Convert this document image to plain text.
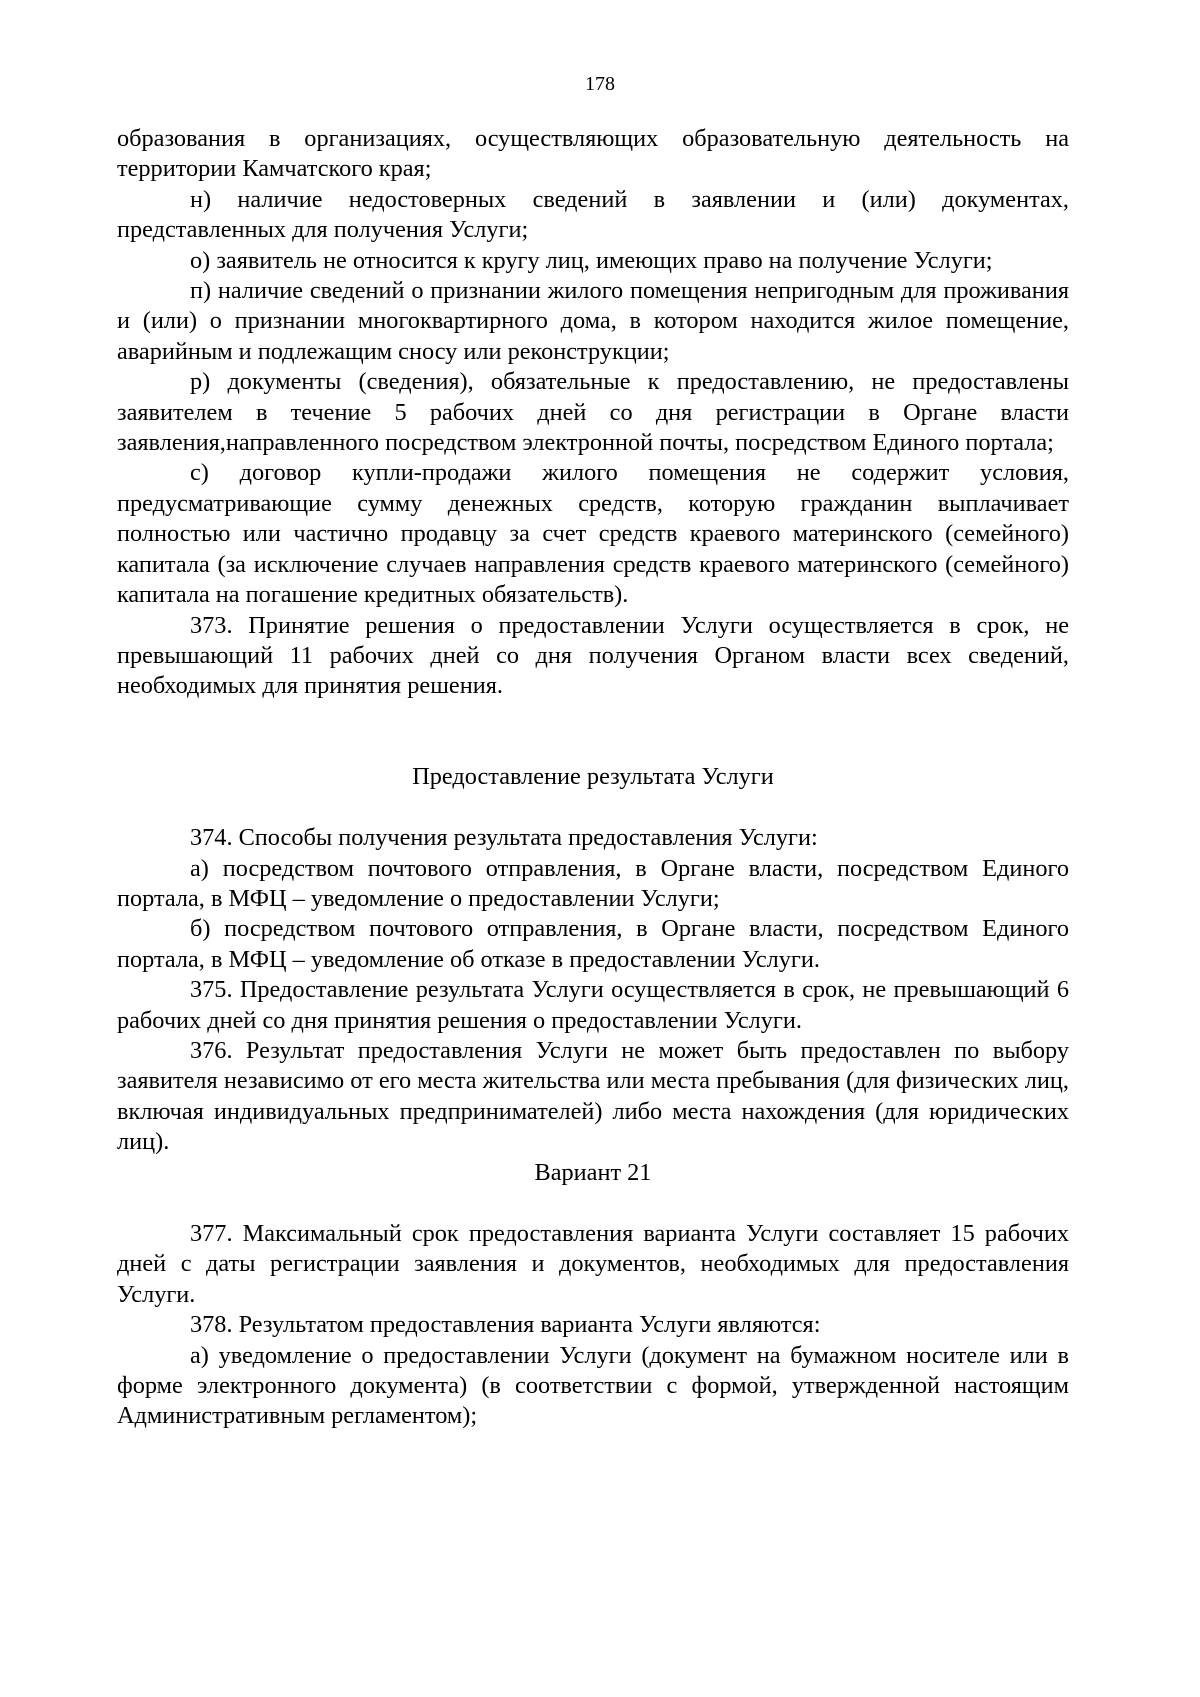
178

образования в организациях, осуществляющих образовательную деятельность на территории Камчатского края;

н) наличие недостоверных сведений в заявлении и (или) документах, представленных для получения Услуги;

о) заявитель не относится к кругу лиц, имеющих право на получение Услуги;

п) наличие сведений о признании жилого помещения непригодным для проживания и (или) о признании многоквартирного дома, в котором находится жилое помещение, аварийным и подлежащим сносу или реконструкции;

р) документы (сведения), обязательные к предоставлению, не предоставлены заявителем в течение 5 рабочих дней со дня регистрации в Органе власти заявления,направленного посредством электронной почты, посредством Единого портала;

с) договор купли-продажи жилого помещения не содержит условия, предусматривающие сумму денежных средств, которую гражданин выплачивает полностью или частично продавцу за счет средств краевого материнского (семейного) капитала (за исключение случаев направления средств краевого материнского (семейного) капитала на погашение кредитных обязательств).

373. Принятие решения о предоставлении Услуги осуществляется в срок, не превышающий 11 рабочих дней со дня получения Органом власти всех сведений, необходимых для принятия решения.

Предоставление результата Услуги

374. Способы получения результата предоставления Услуги:

а) посредством почтового отправления, в Органе власти, посредством Единого портала, в МФЦ – уведомление о предоставлении Услуги;

б) посредством почтового отправления, в Органе власти, посредством Единого портала, в МФЦ – уведомление об отказе в предоставлении Услуги.

375. Предоставление результата Услуги осуществляется в срок, не превышающий 6 рабочих дней со дня принятия решения о предоставлении Услуги.

376. Результат предоставления Услуги не может быть предоставлен по выбору заявителя независимо от его места жительства или места пребывания (для физических лиц, включая индивидуальных предпринимателей) либо места нахождения (для юридических лиц).

Вариант 21

377. Максимальный срок предоставления варианта Услуги составляет 15 рабочих дней с даты регистрации заявления и документов, необходимых для предоставления Услуги.

378. Результатом предоставления варианта Услуги являются:

а) уведомление о предоставлении Услуги (документ на бумажном носителе или в форме электронного документа) (в соответствии с формой, утвержденной настоящим Административным регламентом);
